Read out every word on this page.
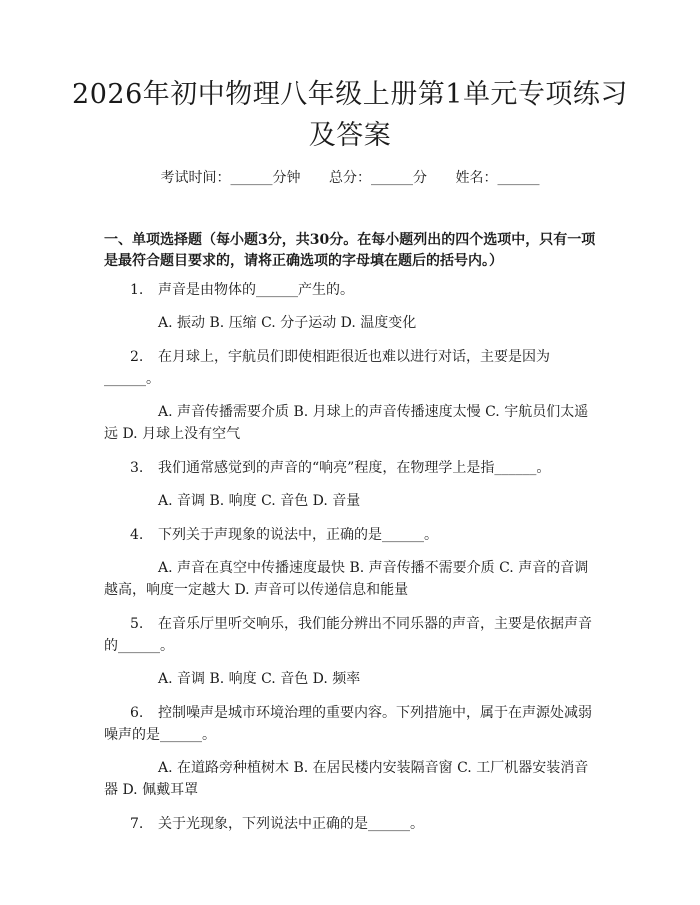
2026年初中物理八年级上册第1单元专项练习及答案
考试时间：______分钟 总分：______分 姓名：______

一、单项选择题（每小题3分，共30分。在每小题列出的四个选项中，只有一项是最符合题目要求的，请将正确选项的字母填在题后的括号内。）

1. 声音是由物体的______产生的。

A. 振动 B. 压缩 C. 分子运动 D. 温度变化

2. 在月球上，宇航员们即使相距很近也难以进行对话，主要是因为______。

A. 声音传播需要介质 B. 月球上的声音传播速度太慢 C. 宇航员们太遥远 D. 月球上没有空气

3. 我们通常感觉到的声音的“响亮”程度，在物理学上是指______。

A. 音调 B. 响度 C. 音色 D. 音量

4. 下列关于声现象的说法中，正确的是______。

A. 声音在真空中传播速度最快 B. 声音传播不需要介质 C. 声音的音调越高，响度一定越大 D. 声音可以传递信息和能量

5. 在音乐厅里听交响乐，我们能分辨出不同乐器的声音，主要是依据声音的______。

A. 音调 B. 响度 C. 音色 D. 频率

6. 控制噪声是城市环境治理的重要内容。下列措施中，属于在声源处减弱噪声的是______。

A. 在道路旁种植树木 B. 在居民楼内安装隔音窗 C. 工厂机器安装消音器 D. 佩戴耳罩

7. 关于光现象，下列说法中正确的是______。
